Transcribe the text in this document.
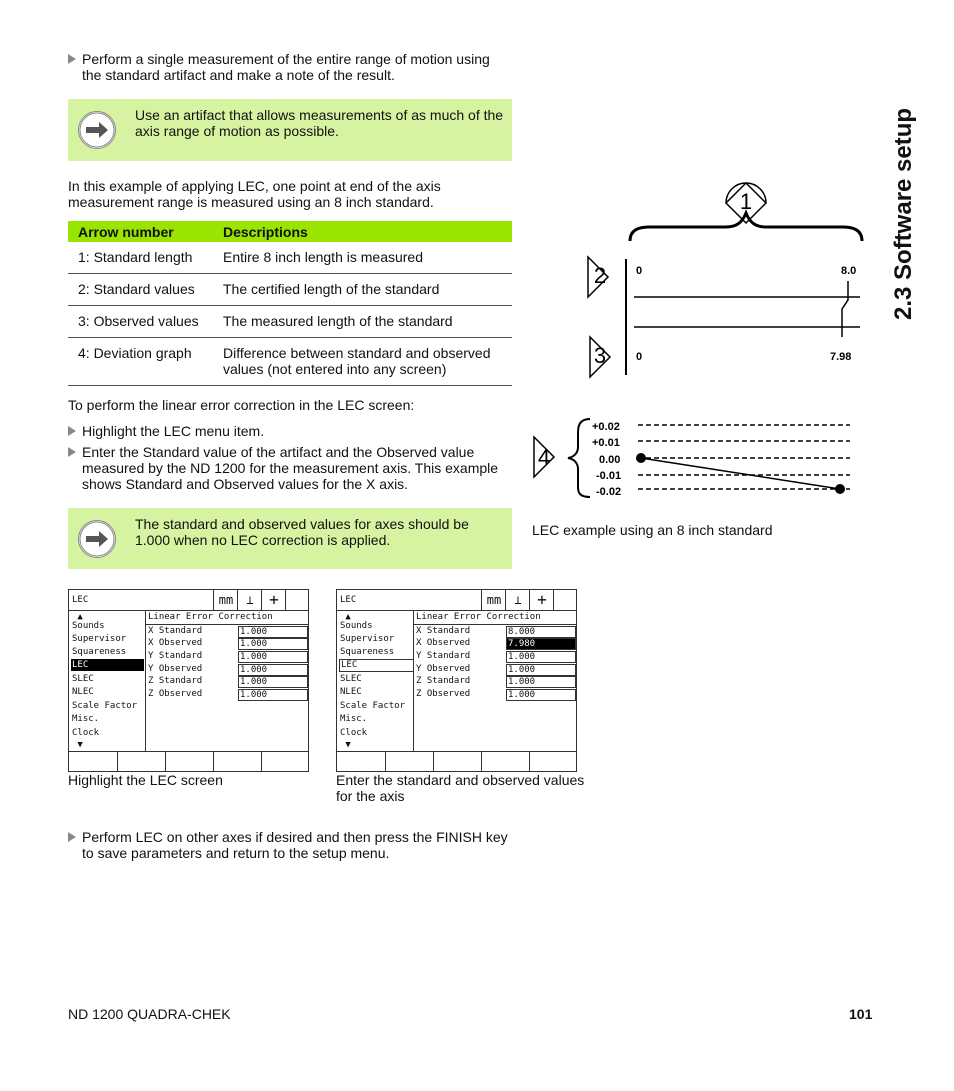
2.3 Software setup
Perform a single measurement of the entire range of motion using the standard artifact and make a note of the result.
Use an artifact that allows measurements of as much of the axis range of motion as possible.
In this example of applying LEC, one point at end of the axis measurement range is measured using an 8 inch standard.
Arrow number	Descriptions
1: Standard length	Entire 8 inch length is measured
2: Standard values	The certified length of the standard
3: Observed values	The measured length of the standard
4: Deviation graph	Difference between standard and observed values (not entered into any screen)
To perform the linear error correction in the LEC screen:
Highlight the LEC menu item.
Enter the Standard value of the artifact and the Observed value measured by the ND 1200 for the measurement axis. This example shows Standard and Observed values for the X axis.
The standard and observed values for axes should be 1.000 when no LEC correction is applied.
1
2
3
4
0	8.0
0	7.98
+0.02
+0.01
0.00
-0.01
-0.02
LEC example using an 8 inch standard
LEC	mm	⊥ +
▲
Sounds
Supervisor
Squareness
LEC
SLEC
NLEC
Scale Factor
Misc.
Clock
▼
Linear Error Correction
X Standard	1.000
X Observed	1.000
Y Standard	1.000
Y Observed	1.000
Z Standard	1.000
Z Observed	1.000
Highlight the LEC screen
LEC	mm	⊥ +
▲
Sounds
Supervisor
Squareness
LEC
SLEC
NLEC
Scale Factor
Misc.
Clock
▼
Linear Error Correction
X Standard	8.000
X Observed	7.980
Y Standard	1.000
Y Observed	1.000
Z Standard	1.000
Z Observed	1.000
Enter the standard and observed values for the axis
Perform LEC on other axes if desired and then press the FINISH key to save parameters and return to the setup menu.
ND 1200 QUADRA-CHEK	101
